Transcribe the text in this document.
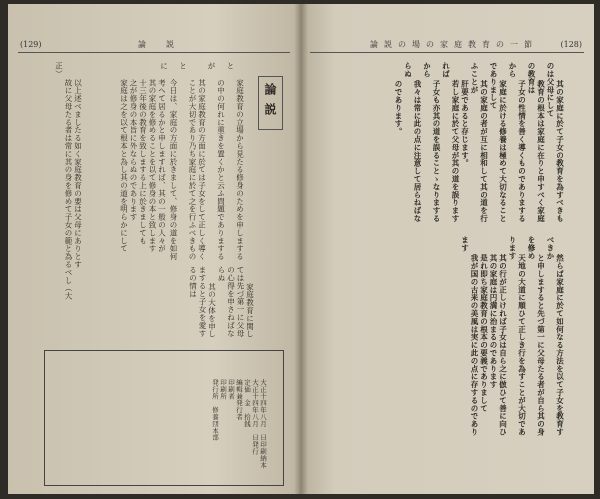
(129)	論　説
論説

家庭教育の立場から見たる修身のためを申しますると
の中の何れに重きを置くかと云ふ問題でありまするが
其の家庭教育の方面に於ては子女をして正しく導く
ことが大切であり乃ち家庭に於て之を行ふべきものと
今日は、家庭の方面に於きまして、修身の道を如何に

考へて居るかと申しますれば、其の一般の人々が
其の家庭を修めることを以て修身の本と致します
十三年後の教育を致しまする上に於きましても
之が修身の本旨に外ならぬのであります
家庭は之を以て根本と為し其の道を明らかにして

家庭教育に関しては先づ第一に父母の心得を申さねばならぬ
其の大体を申しますると子女を愛するの情は

以上述べましたる如く家庭教育の要は父母にありとす
故に父母たる者は常に其の身を修めて子女の範と為るべし（大正）

大正十四年八月　日印刷納本
大正十四年八月　日発行
定価　金　拾銭
編輯兼発行者
印刷者
印刷所
発行所　修養団本部

論説の場の家庭教育の一節	(128)

其の家庭に於て子女の教育を為すべきものは父母にして
教育の根本は家庭に在りと申すべく家庭の教育は
子女の性情を善く導くものでありまするから
家庭に於ける修養は極めて大切なることでありまして
其の家庭の者が互に相和して其の道を行ふことが
肝要であると存じます。
若し家庭に於て父母が其の道を誤りますれば
子女も亦其の道を誤ることゝなりまするから
我々は常に此の点に注意して居らねばならぬ
のであります。

然らば家庭に於て如何なる方法を以て子女を教育すべきか
と申しますると先づ第一に父母たる者が自ら其の身を修め
天地の大道に順ひて正しき行を為すことが大切であります
其の行が正しければ子女は自ら之に倣ひて善に向ひ
其の家庭は円満に治まるのであります
是れ即ち家庭教育の根本の要義でありまして
我が国の古来の美風は実に此の点に存するのであります
